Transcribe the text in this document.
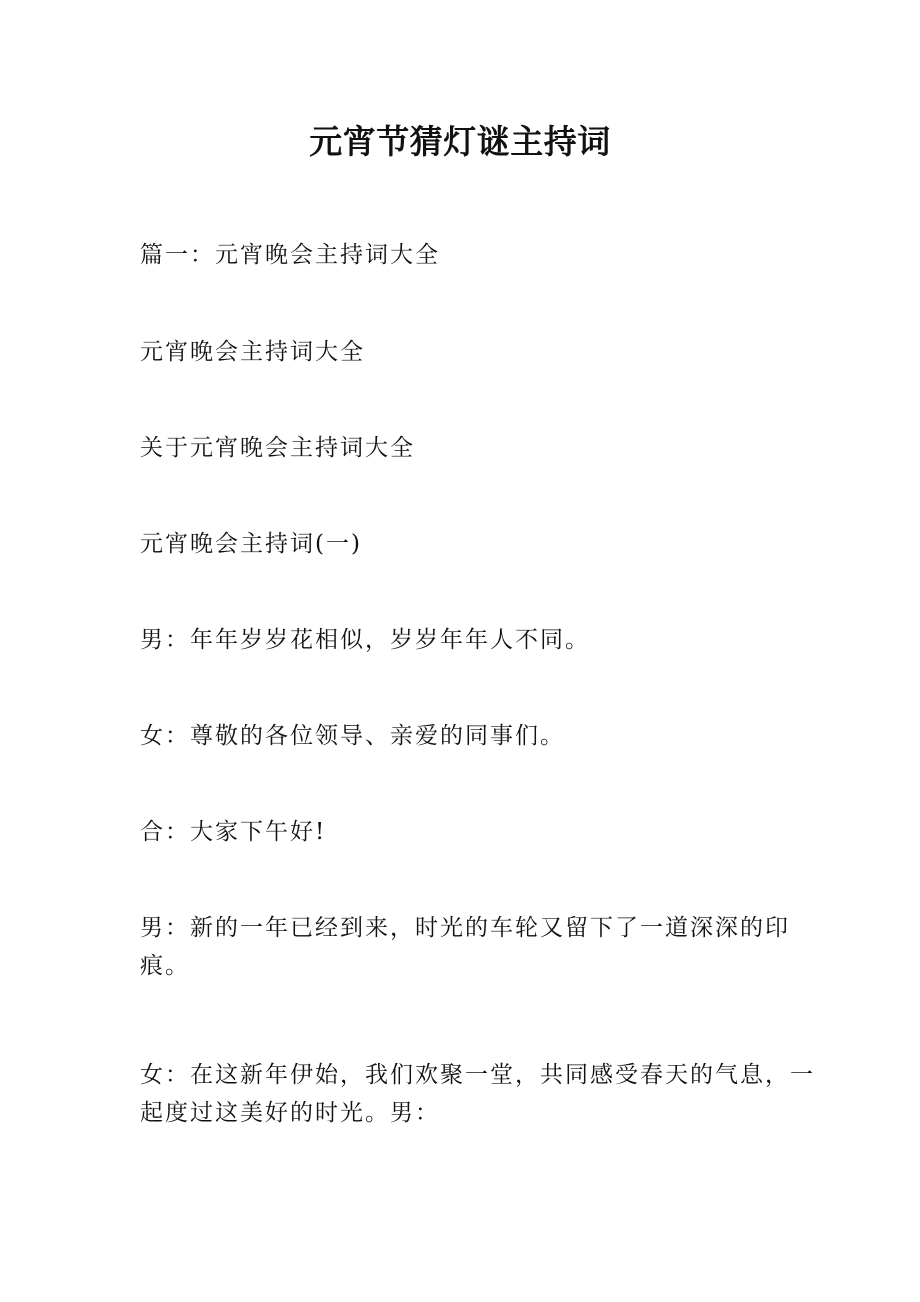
元宵节猜灯谜主持词

篇一：元宵晚会主持词大全

元宵晚会主持词大全

关于元宵晚会主持词大全

元宵晚会主持词(一)

男：年年岁岁花相似，岁岁年年人不同。

女：尊敬的各位领导、亲爱的同事们。

合：大家下午好!

男：新的一年已经到来，时光的车轮又留下了一道深深的印痕。

女：在这新年伊始，我们欢聚一堂，共同感受春天的气息，一起度过这美好的时光。男：
